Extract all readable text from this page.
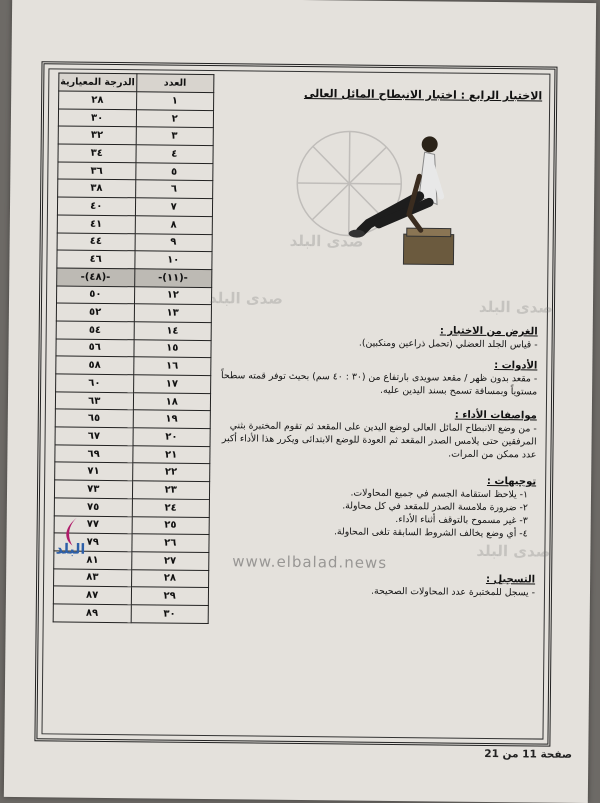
الدرجة المعيارية	العدد
٢٨	١
٣٠	٢
٣٢	٣
٣٤	٤
٣٦	٥
٣٨	٦
٤٠	٧
٤١	٨
٤٤	٩
٤٦	١٠
-(٤٨)-	-(١١)-
٥٠	١٢
٥٢	١٣
٥٤	١٤
٥٦	١٥
٥٨	١٦
٦٠	١٧
٦٣	١٨
٦٥	١٩
٦٧	٢٠
٦٩	٢١
٧١	٢٢
٧٣	٢٣
٧٥	٢٤
٧٧	٢٥
٧٩	٢٦
٨١	٢٧
٨٣	٢٨
٨٧	٢٩
٨٩	٣٠
الاختبار الرابع : اختبار الانبطاح المائل العالى
الغرض من الاختبار :

- قياس الجلد العضلي (تحمل ذراعين ومنكبين).

الأدوات :

- مقعد بدون ظهر / مقعد سويدى بارتفاع من (٣٠ : ٤٠ سم) بحيث توفر قمته سطحاً مستوياً وبمسافة تسمح بسند اليدين عليه.

مواصفات الأداء :

- من وضع الانبطاح المائل العالى لوضع اليدين على المقعد ثم تقوم المختبرة بثني المرفقين حتى يلامس الصدر المقعد ثم العودة للوضع الابتدائى ويكرر هذا الأداء أكبر عدد ممكن من المرات.

توجيهات :
١- يلاحظ استقامة الجسم في جميع المحاولات.
٢- ضرورة ملامسة الصدر للمقعد في كل محاولة.
٣- غير مسموح بالتوقف أثناء الأداء.
٤- أي وضع يخالف الشروط السابقة تلغى المحاولة.
التسجيل :

- يسجل للمختبرة عدد المحاولات الصحيحة.

صدى البلد
صدى البلد
صدى البلد
صدى البلد
www.elbalad.news
البلد
صفحة 11 من 21
